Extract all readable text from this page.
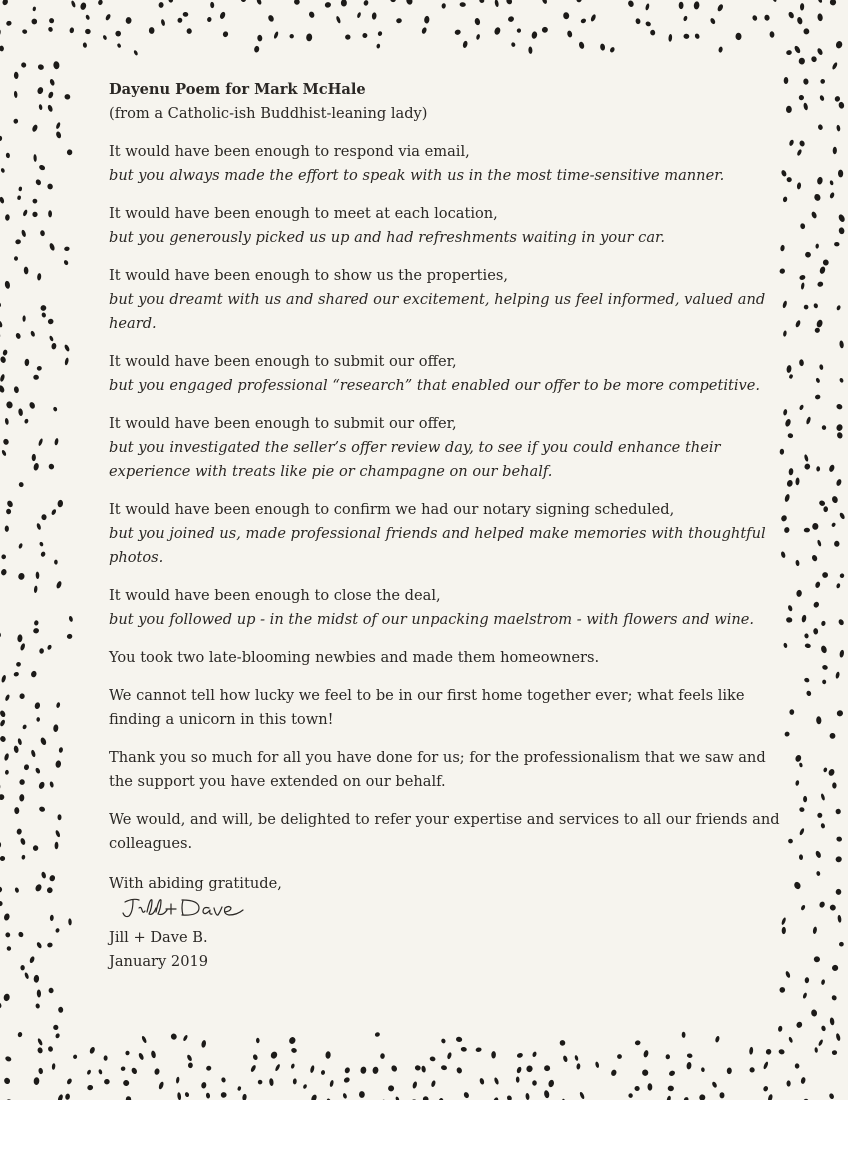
Dayenu Poem for Mark McHale
(from a Catholic-ish Buddhist-leaning lady)
It would have been enough to respond via email,
but you always made the effort to speak with us in the most time-sensitive manner.
It would have been enough to meet at each location,
but you generously picked us up and had refreshments waiting in your car.
It would have been enough to show us the properties,
but you dreamt with us and shared our excitement, helping us feel informed, valued and heard.
It would have been enough to submit our offer,
but you engaged professional “research” that enabled our offer to be more competitive.
It would have been enough to submit our offer,
but you investigated the seller’s offer review day, to see if you could enhance their experience with treats like pie or champagne on our behalf.
It would have been enough to confirm we had our notary signing scheduled,
but you joined us, made professional friends and helped make memories with thoughtful photos.
It would have been enough to close the deal,
but you followed up - in the midst of our unpacking maelstrom - with flowers and wine.
You took two late-blooming newbies and made them homeowners.
We cannot tell how lucky we feel to be in our first home together ever; what feels like finding a unicorn in this town!
Thank you so much for all you have done for us; for the professionalism that we saw and the support you have extended on our behalf.
We would, and will, be delighted to refer your expertise and services to all our friends and colleagues.
With abiding gratitude,
Jill + Dave B.
January 2019
